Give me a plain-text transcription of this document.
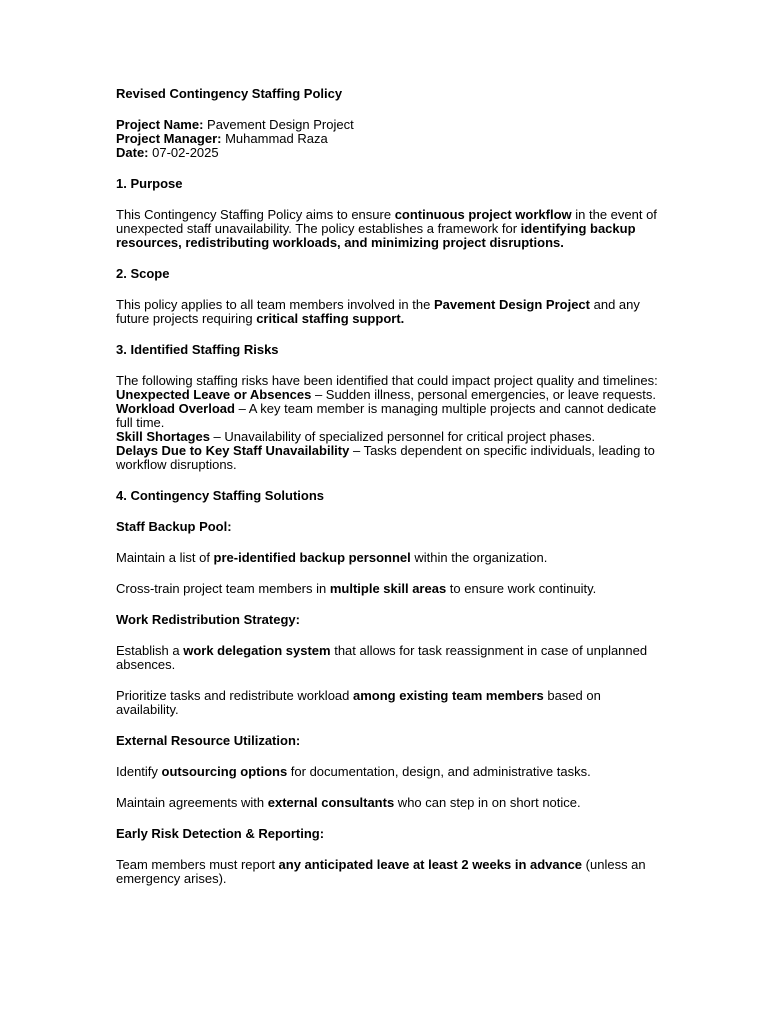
Revised Contingency Staffing Policy

Project Name: Pavement Design Project

Project Manager: Muhammad Raza

Date: 07-02-2025

1. Purpose

This Contingency Staffing Policy aims to ensure continuous project workflow in the event of unexpected staff unavailability. The policy establishes a framework for identifying backup resources, redistributing workloads, and minimizing project disruptions.

2. Scope

This policy applies to all team members involved in the Pavement Design Project and any future projects requiring critical staffing support.

3. Identified Staffing Risks

The following staffing risks have been identified that could impact project quality and timelines:

Unexpected Leave or Absences – Sudden illness, personal emergencies, or leave requests.

Workload Overload – A key team member is managing multiple projects and cannot dedicate full time.

Skill Shortages – Unavailability of specialized personnel for critical project phases.

Delays Due to Key Staff Unavailability – Tasks dependent on specific individuals, leading to workflow disruptions.

4. Contingency Staffing Solutions

Staff Backup Pool:

Maintain a list of pre-identified backup personnel within the organization.

Cross-train project team members in multiple skill areas to ensure work continuity.

Work Redistribution Strategy:

Establish a work delegation system that allows for task reassignment in case of unplanned absences.

Prioritize tasks and redistribute workload among existing team members based on availability.

External Resource Utilization:

Identify outsourcing options for documentation, design, and administrative tasks.

Maintain agreements with external consultants who can step in on short notice.

Early Risk Detection & Reporting:

Team members must report any anticipated leave at least 2 weeks in advance (unless an emergency arises).
